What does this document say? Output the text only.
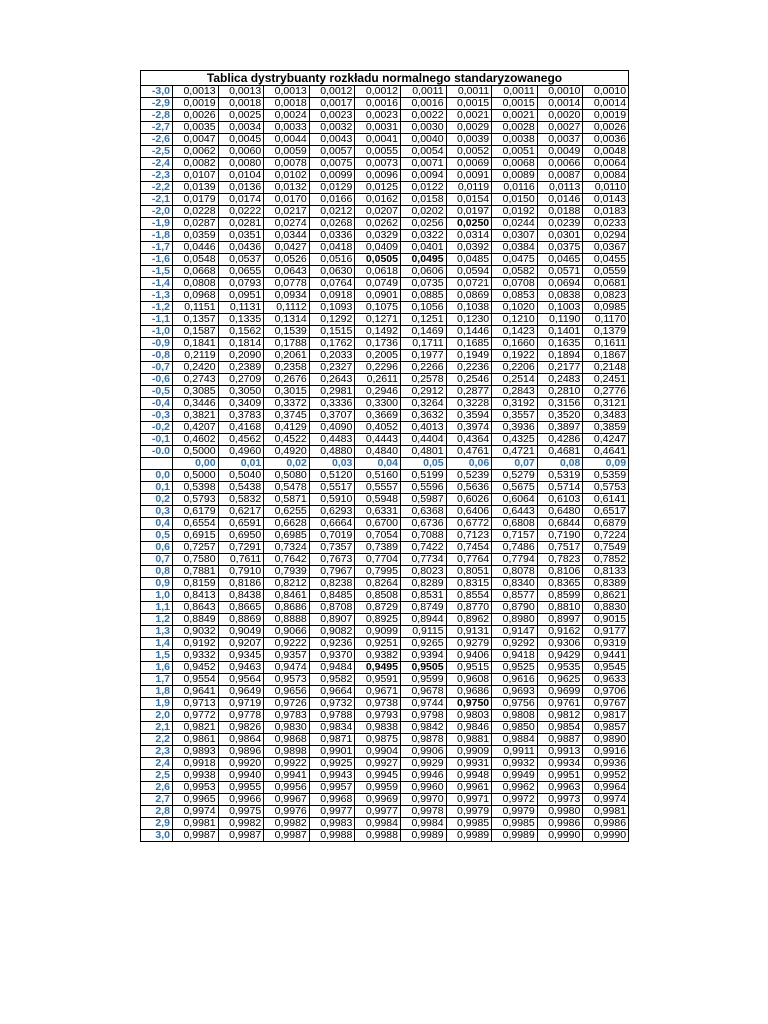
Tablica dystrybuanty rozkładu normalnego standaryzowanego										
-3,0	0,0013	0,0013	0,0013	0,0012	0,0012	0,0011	0,0011	0,0011	0,0010	0,0010
-2,9	0,0019	0,0018	0,0018	0,0017	0,0016	0,0016	0,0015	0,0015	0,0014	0,0014
-2,8	0,0026	0,0025	0,0024	0,0023	0,0023	0,0022	0,0021	0,0021	0,0020	0,0019
-2,7	0,0035	0,0034	0,0033	0,0032	0,0031	0,0030	0,0029	0,0028	0,0027	0,0026
-2,6	0,0047	0,0045	0,0044	0,0043	0,0041	0,0040	0,0039	0,0038	0,0037	0,0036
-2,5	0,0062	0,0060	0,0059	0,0057	0,0055	0,0054	0,0052	0,0051	0,0049	0,0048
-2,4	0,0082	0,0080	0,0078	0,0075	0,0073	0,0071	0,0069	0,0068	0,0066	0,0064
-2,3	0,0107	0,0104	0,0102	0,0099	0,0096	0,0094	0,0091	0,0089	0,0087	0,0084
-2,2	0,0139	0,0136	0,0132	0,0129	0,0125	0,0122	0,0119	0,0116	0,0113	0,0110
-2,1	0,0179	0,0174	0,0170	0,0166	0,0162	0,0158	0,0154	0,0150	0,0146	0,0143
-2,0	0,0228	0,0222	0,0217	0,0212	0,0207	0,0202	0,0197	0,0192	0,0188	0,0183
-1,9	0,0287	0,0281	0,0274	0,0268	0,0262	0,0256	0,0250	0,0244	0,0239	0,0233
-1,8	0,0359	0,0351	0,0344	0,0336	0,0329	0,0322	0,0314	0,0307	0,0301	0,0294
-1,7	0,0446	0,0436	0,0427	0,0418	0,0409	0,0401	0,0392	0,0384	0,0375	0,0367
-1,6	0,0548	0,0537	0,0526	0,0516	0,0505	0,0495	0,0485	0,0475	0,0465	0,0455
-1,5	0,0668	0,0655	0,0643	0,0630	0,0618	0,0606	0,0594	0,0582	0,0571	0,0559
-1,4	0,0808	0,0793	0,0778	0,0764	0,0749	0,0735	0,0721	0,0708	0,0694	0,0681
-1,3	0,0968	0,0951	0,0934	0,0918	0,0901	0,0885	0,0869	0,0853	0,0838	0,0823
-1,2	0,1151	0,1131	0,1112	0,1093	0,1075	0,1056	0,1038	0,1020	0,1003	0,0985
-1,1	0,1357	0,1335	0,1314	0,1292	0,1271	0,1251	0,1230	0,1210	0,1190	0,1170
-1,0	0,1587	0,1562	0,1539	0,1515	0,1492	0,1469	0,1446	0,1423	0,1401	0,1379
-0,9	0,1841	0,1814	0,1788	0,1762	0,1736	0,1711	0,1685	0,1660	0,1635	0,1611
-0,8	0,2119	0,2090	0,2061	0,2033	0,2005	0,1977	0,1949	0,1922	0,1894	0,1867
-0,7	0,2420	0,2389	0,2358	0,2327	0,2296	0,2266	0,2236	0,2206	0,2177	0,2148
-0,6	0,2743	0,2709	0,2676	0,2643	0,2611	0,2578	0,2546	0,2514	0,2483	0,2451
-0,5	0,3085	0,3050	0,3015	0,2981	0,2946	0,2912	0,2877	0,2843	0,2810	0,2776
-0,4	0,3446	0,3409	0,3372	0,3336	0,3300	0,3264	0,3228	0,3192	0,3156	0,3121
-0,3	0,3821	0,3783	0,3745	0,3707	0,3669	0,3632	0,3594	0,3557	0,3520	0,3483
-0,2	0,4207	0,4168	0,4129	0,4090	0,4052	0,4013	0,3974	0,3936	0,3897	0,3859
-0,1	0,4602	0,4562	0,4522	0,4483	0,4443	0,4404	0,4364	0,4325	0,4286	0,4247
-0.0	0,5000	0,4960	0,4920	0,4880	0,4840	0,4801	0,4761	0,4721	0,4681	0,4641
	0,00	0,01	0,02	0,03	0,04	0,05	0,06	0,07	0,08	0,09
0,0	0,5000	0,5040	0,5080	0,5120	0,5160	0,5199	0,5239	0,5279	0,5319	0,5359
0,1	0,5398	0,5438	0,5478	0,5517	0,5557	0,5596	0,5636	0,5675	0,5714	0,5753
0,2	0,5793	0,5832	0,5871	0,5910	0,5948	0,5987	0,6026	0,6064	0,6103	0,6141
0,3	0,6179	0,6217	0,6255	0,6293	0,6331	0,6368	0,6406	0,6443	0,6480	0,6517
0,4	0,6554	0,6591	0,6628	0,6664	0,6700	0,6736	0,6772	0,6808	0,6844	0,6879
0,5	0,6915	0,6950	0,6985	0,7019	0,7054	0,7088	0,7123	0,7157	0,7190	0,7224
0,6	0,7257	0,7291	0,7324	0,7357	0,7389	0,7422	0,7454	0,7486	0,7517	0,7549
0,7	0,7580	0,7611	0,7642	0,7673	0,7704	0,7734	0,7764	0,7794	0,7823	0,7852
0,8	0,7881	0,7910	0,7939	0,7967	0,7995	0,8023	0,8051	0,8078	0,8106	0,8133
0,9	0,8159	0,8186	0,8212	0,8238	0,8264	0,8289	0,8315	0,8340	0,8365	0,8389
1,0	0,8413	0,8438	0,8461	0,8485	0,8508	0,8531	0,8554	0,8577	0,8599	0,8621
1,1	0,8643	0,8665	0,8686	0,8708	0,8729	0,8749	0,8770	0,8790	0,8810	0,8830
1,2	0,8849	0,8869	0,8888	0,8907	0,8925	0,8944	0,8962	0,8980	0,8997	0,9015
1,3	0,9032	0,9049	0,9066	0,9082	0,9099	0,9115	0,9131	0,9147	0,9162	0,9177
1,4	0,9192	0,9207	0,9222	0,9236	0,9251	0,9265	0,9279	0,9292	0,9306	0,9319
1,5	0,9332	0,9345	0,9357	0,9370	0,9382	0,9394	0,9406	0,9418	0,9429	0,9441
1,6	0,9452	0,9463	0,9474	0,9484	0,9495	0,9505	0,9515	0,9525	0,9535	0,9545
1,7	0,9554	0,9564	0,9573	0,9582	0,9591	0,9599	0,9608	0,9616	0,9625	0,9633
1,8	0,9641	0,9649	0,9656	0,9664	0,9671	0,9678	0,9686	0,9693	0,9699	0,9706
1,9	0,9713	0,9719	0,9726	0,9732	0,9738	0,9744	0,9750	0,9756	0,9761	0,9767
2,0	0,9772	0,9778	0,9783	0,9788	0,9793	0,9798	0,9803	0,9808	0,9812	0,9817
2,1	0,9821	0,9826	0,9830	0,9834	0,9838	0,9842	0,9846	0,9850	0,9854	0,9857
2,2	0,9861	0,9864	0,9868	0,9871	0,9875	0,9878	0,9881	0,9884	0,9887	0,9890
2,3	0,9893	0,9896	0,9898	0,9901	0,9904	0,9906	0,9909	0,9911	0,9913	0,9916
2,4	0,9918	0,9920	0,9922	0,9925	0,9927	0,9929	0,9931	0,9932	0,9934	0,9936
2,5	0,9938	0,9940	0,9941	0,9943	0,9945	0,9946	0,9948	0,9949	0,9951	0,9952
2,6	0,9953	0,9955	0,9956	0,9957	0,9959	0,9960	0,9961	0,9962	0,9963	0,9964
2,7	0,9965	0,9966	0,9967	0,9968	0,9969	0,9970	0,9971	0,9972	0,9973	0,9974
2,8	0,9974	0,9975	0,9976	0,9977	0,9977	0,9978	0,9979	0,9979	0,9980	0,9981
2,9	0,9981	0,9982	0,9982	0,9983	0,9984	0,9984	0,9985	0,9985	0,9986	0,9986
3,0	0,9987	0,9987	0,9987	0,9988	0,9988	0,9989	0,9989	0,9989	0,9990	0,9990
